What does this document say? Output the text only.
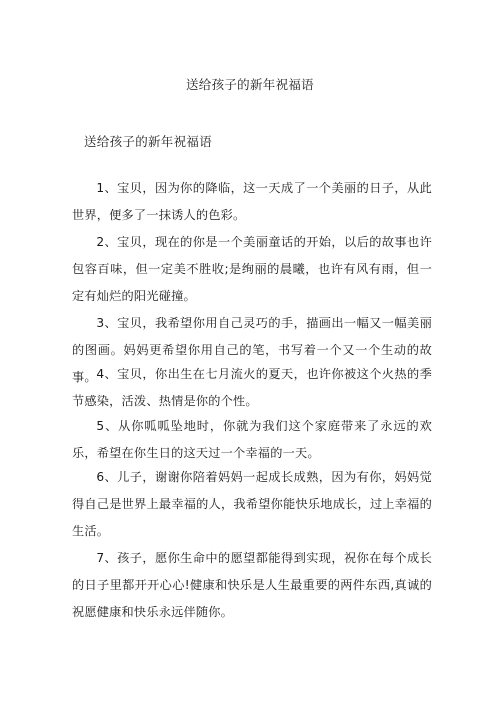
送给孩子的新年祝福语
送给孩子的新年祝福语

1、宝贝，因为你的降临，这一天成了一个美丽的日子，从此世界，便多了一抹诱人的色彩。

2、宝贝，现在的你是一个美丽童话的开始，以后的故事也许包容百味，但一定美不胜收;是绚丽的晨曦，也许有风有雨，但一定有灿烂的阳光碰撞。

3、宝贝，我希望你用自己灵巧的手，描画出一幅又一幅美丽的图画。妈妈更希望你用自己的笔，书写着一个又一个生动的故事。 4、宝贝，你出生在七月流火的夏天，也许你被这个火热的季节感染，活泼、热情是你的个性。

5、从你呱呱坠地时，你就为我们这个家庭带来了永远的欢乐，希望在你生日的这天过一个幸福的一天。

6、儿子，谢谢你陪着妈妈一起成长成熟，因为有你，妈妈觉得自己是世界上最幸福的人，我希望你能快乐地成长，过上幸福的生活。

7、孩子，愿你生命中的愿望都能得到实现，祝你在每个成长的日子里都开开心心!健康和快乐是人生最重要的两件东西,真诚的祝愿健康和快乐永远伴随你。
